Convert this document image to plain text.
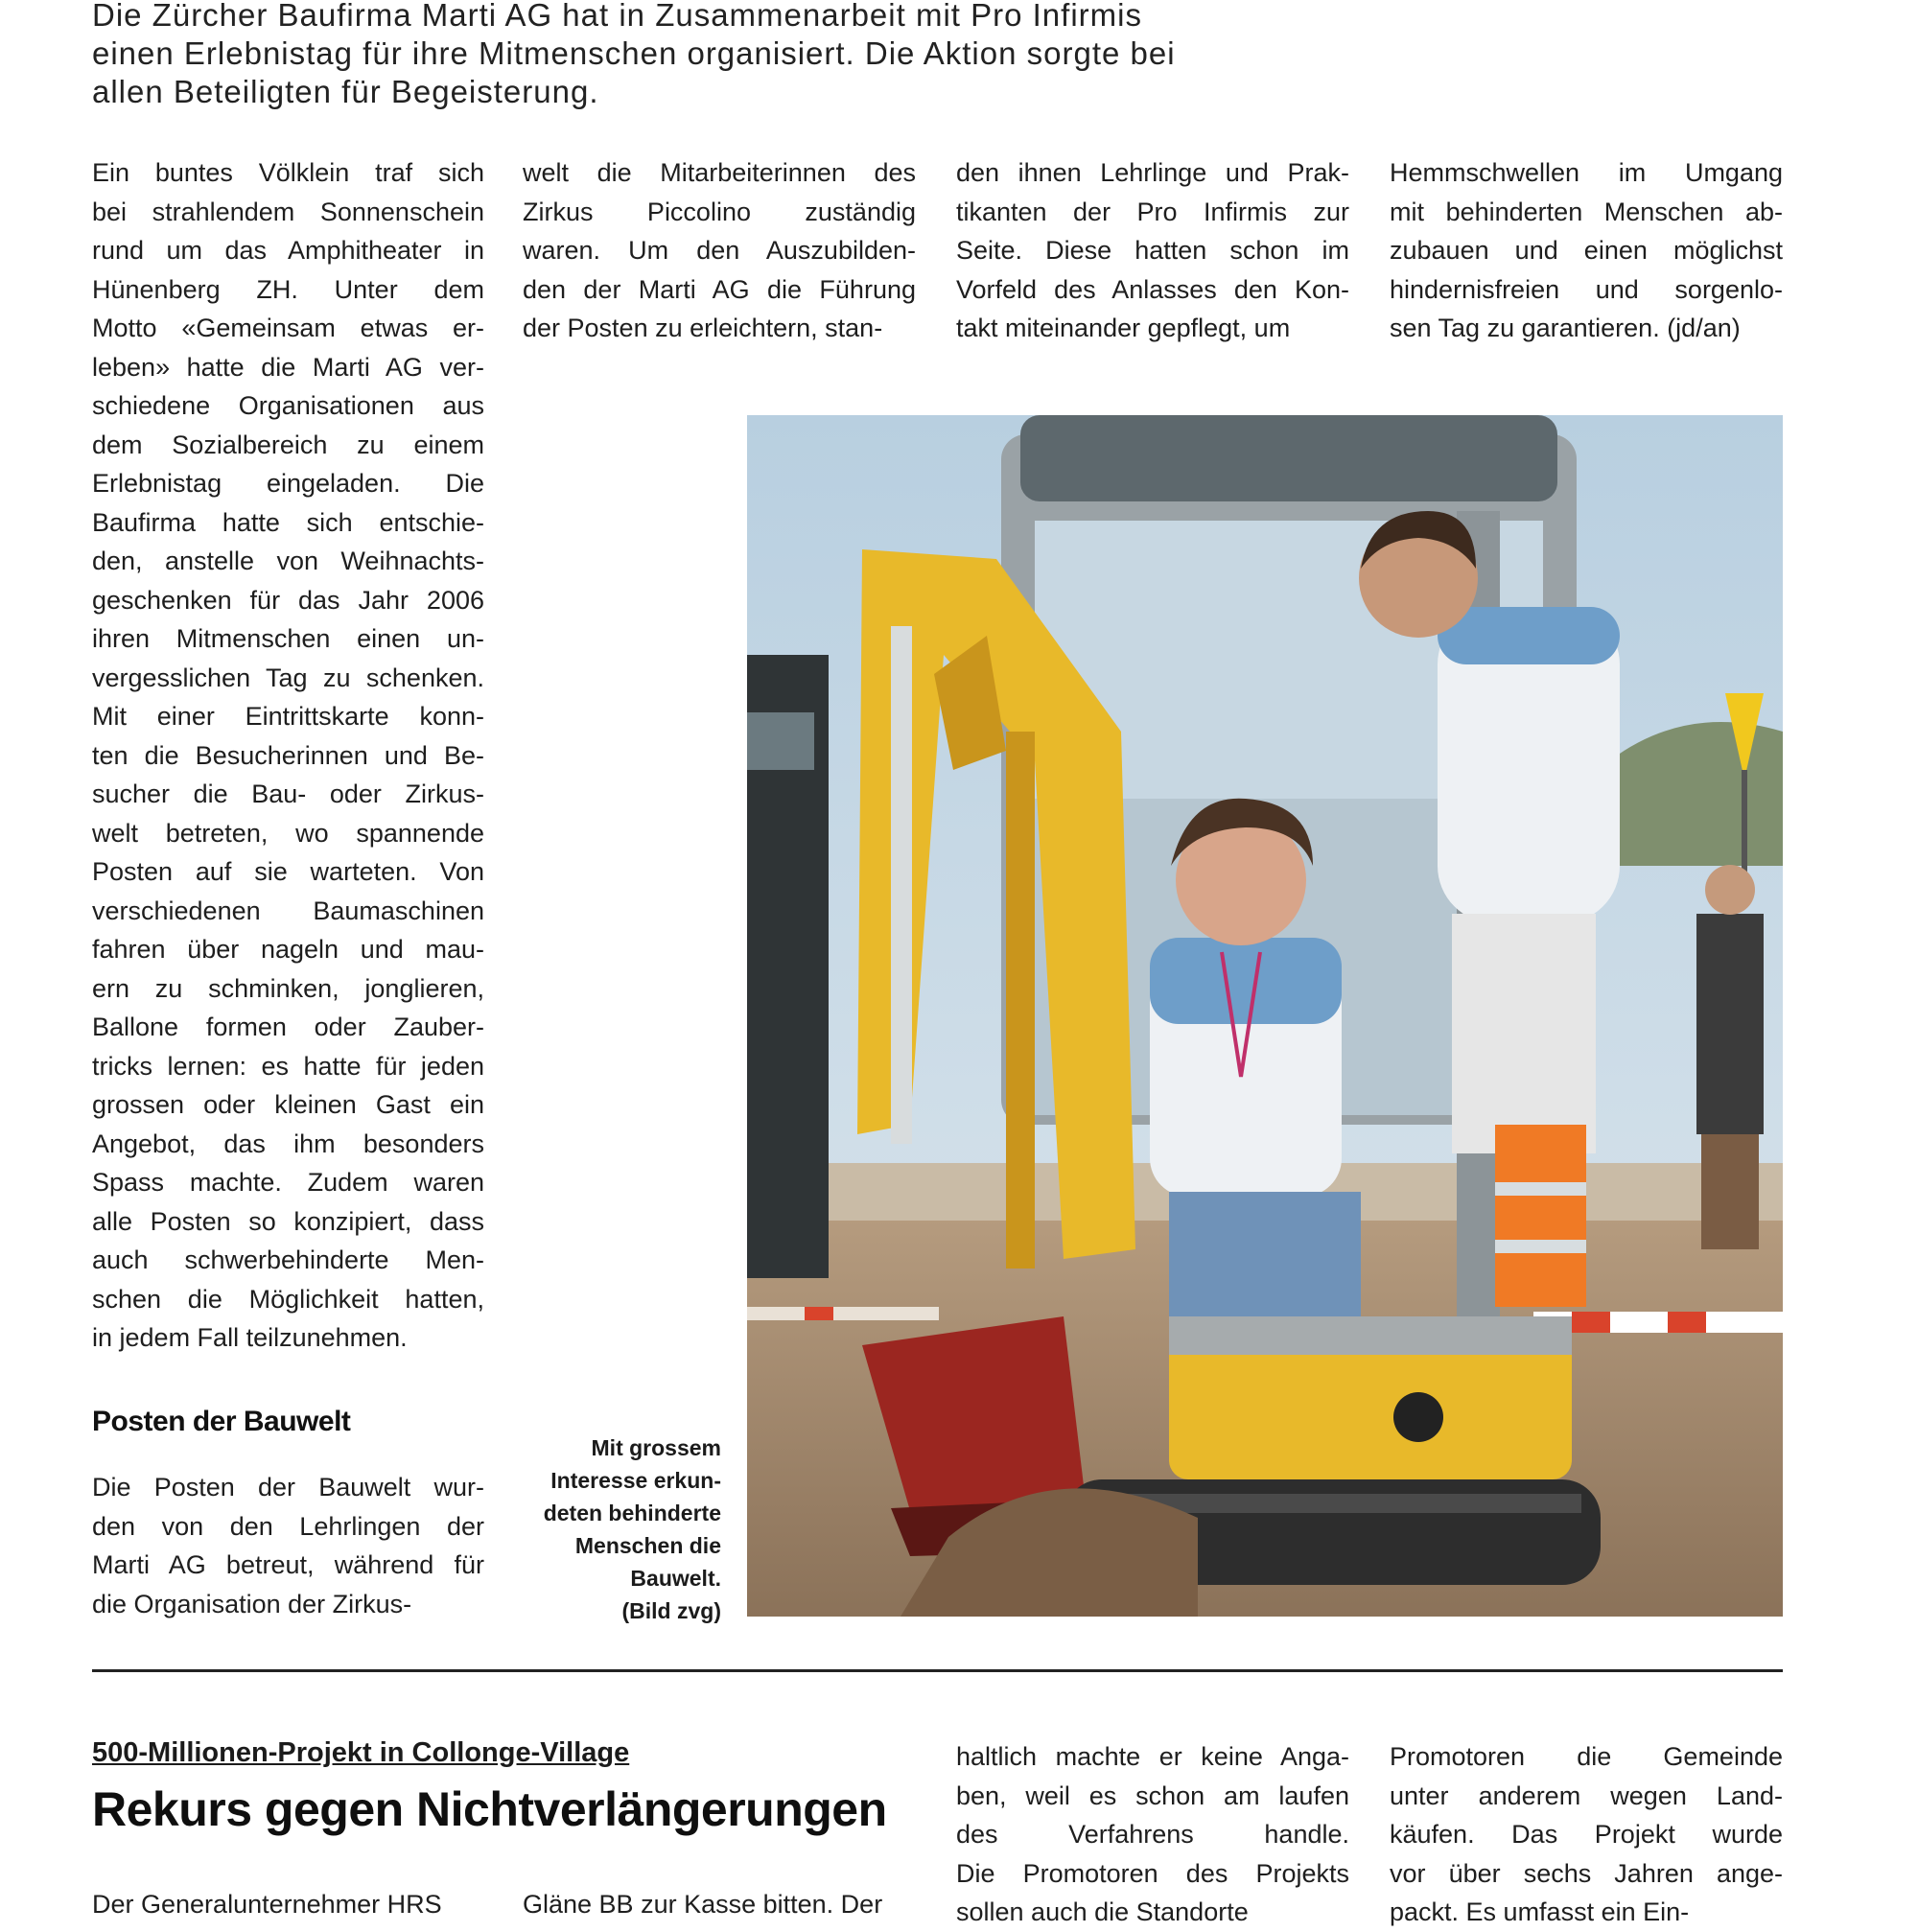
Die Zürcher Baufirma Marti AG hat in Zusammenarbeit mit Pro Infirmis

einen Erlebnistag für ihre Mitmenschen organisiert. Die Aktion sorgte bei

allen Beteiligten für Begeisterung.

Ein buntes Völklein traf sich
bei strahlendem Sonnenschein
rund um das Amphitheater in
Hünenberg ZH. Unter dem
Motto «Gemeinsam etwas er-
leben» hatte die Marti AG ver-
schiedene Organisationen aus
dem Sozialbereich zu einem
Erlebnistag eingeladen. Die
Baufirma hatte sich entschie-
den, anstelle von Weihnachts-
geschenken für das Jahr 2006
ihren Mitmenschen einen un-
vergesslichen Tag zu schenken.
Mit einer Eintrittskarte konn-
ten die Besucherinnen und Be-
sucher die Bau- oder Zirkus-
welt betreten, wo spannende
Posten auf sie warteten. Von
verschiedenen Baumaschinen
fahren über nageln und mau-
ern zu schminken, jonglieren,
Ballone formen oder Zauber-
tricks lernen: es hatte für jeden
grossen oder kleinen Gast ein
Angebot, das ihm besonders
Spass machte. Zudem waren
alle Posten so konzipiert, dass
auch schwerbehinderte Men-
schen die Möglichkeit hatten,
in jedem Fall teilzunehmen.
Posten der Bauwelt
Die Posten der Bauwelt wur-
den von den Lehrlingen der
Marti AG betreut, während für
die Organisation der Zirkus-
welt die Mitarbeiterinnen des
Zirkus Piccolino zuständig
waren. Um den Auszubilden-
den der Marti AG die Führung
der Posten zu erleichtern, stan-
den ihnen Lehrlinge und Prak-
tikanten der Pro Infirmis zur
Seite. Diese hatten schon im
Vorfeld des Anlasses den Kon-
takt miteinander gepflegt, um
Hemmschwellen im Umgang
mit behinderten Menschen ab-
zubauen und einen möglichst
hindernisfreien und sorgenlo-
sen Tag zu garantieren. (jd/an)
Mit grossem
Interesse erkun-
deten behinderte
Menschen die
Bauwelt.
(Bild zvg)
500-Millionen-Projekt in Collonge-Village
Rekurs gegen Nichtverlängerungen
Der Generalunternehmer HRS	Gläne BB zur Kasse bitten. Der
haltlich machte er keine Anga-
ben, weil es schon am laufen
des Verfahrens handle.
Die Promotoren des Projekts
sollen auch die Standorte
Promotoren die Gemeinde
unter anderem wegen Land-
käufen. Das Projekt wurde
vor über sechs Jahren ange-
packt. Es umfasst ein Ein-
